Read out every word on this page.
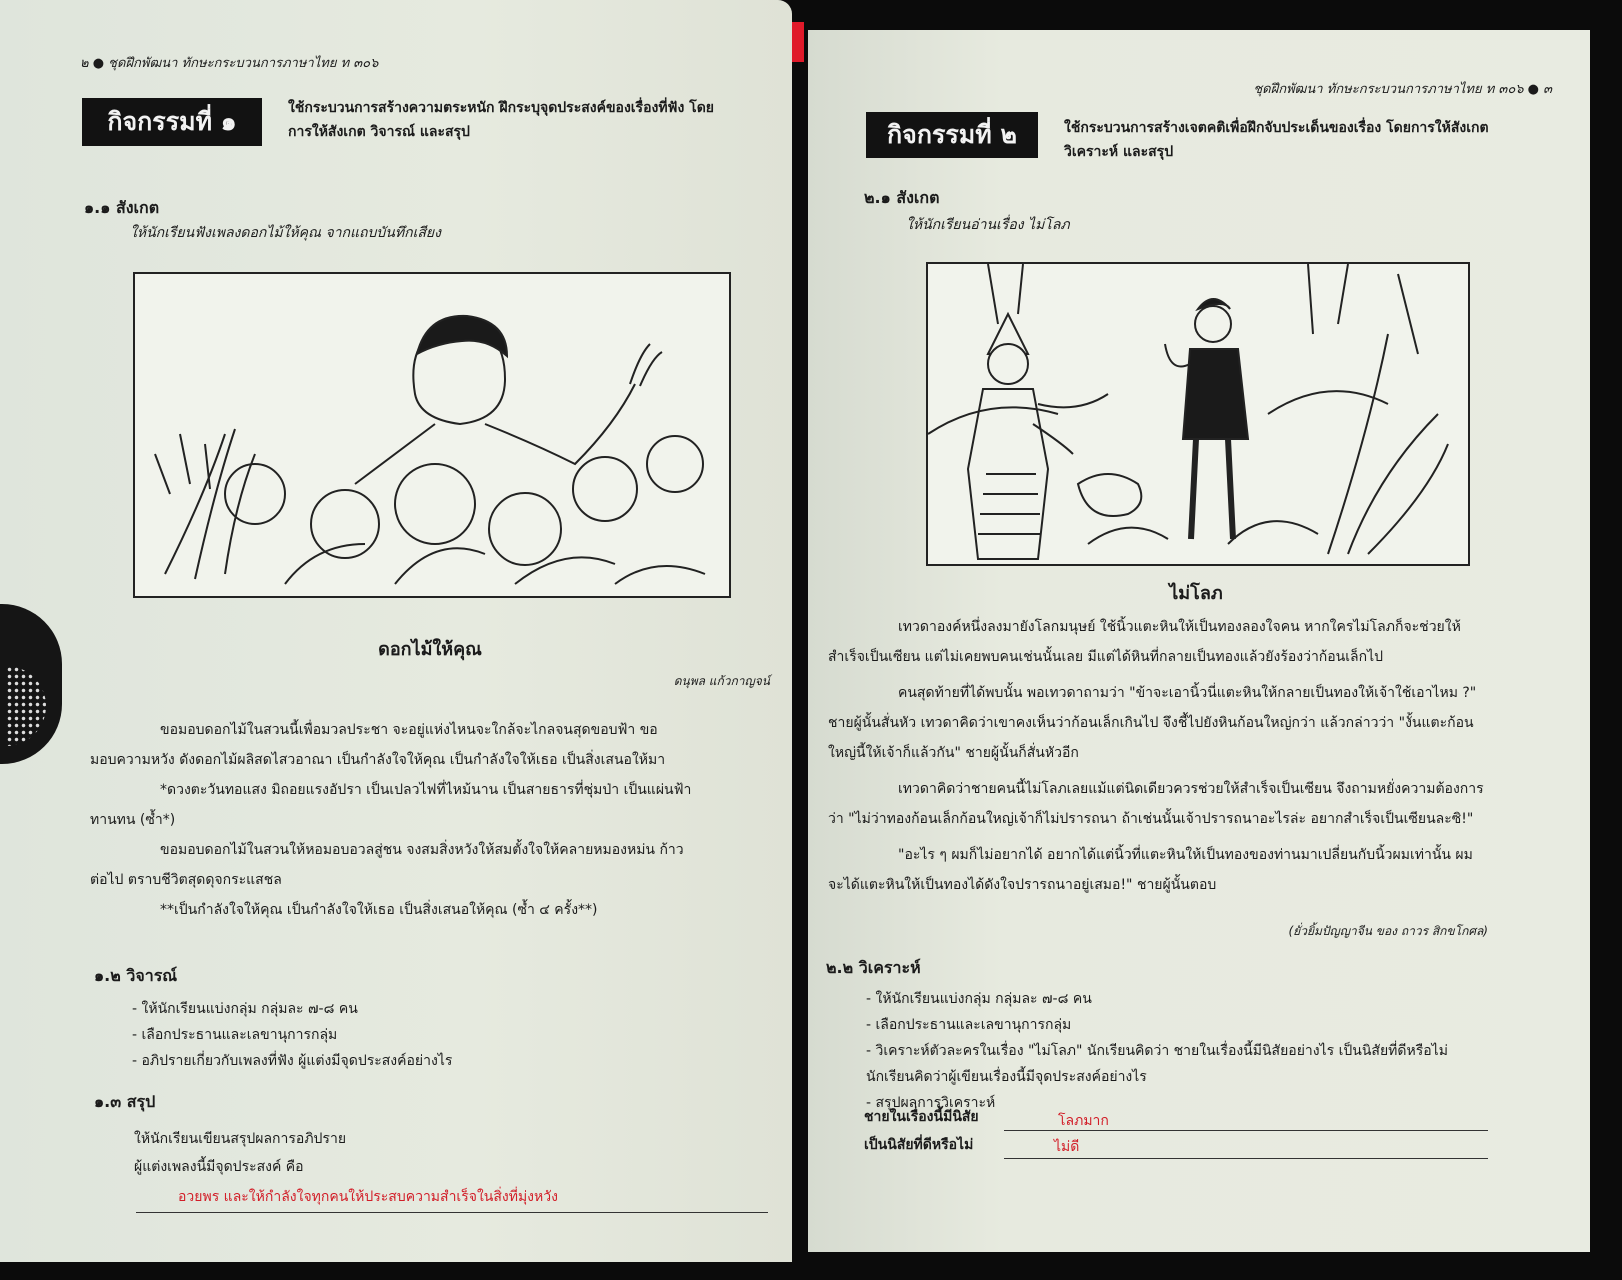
๒ ● ชุดฝึกพัฒนา ทักษะกระบวนการภาษาไทย ท ๓๐๖
กิจกรรมที่ ๑	ใช้กระบวนการสร้างความตระหนัก ฝึกระบุจุดประสงค์ของเรื่องที่ฟัง โดย
การให้สังเกต วิจารณ์ และสรุป
๑.๑ สังเกต
ให้นักเรียนฟังเพลงดอกไม้ให้คุณ จากแถบบันทึกเสียง
ดอกไม้ให้คุณ
ดนุพล แก้วกาญจน์

ขอมอบดอกไม้ในสวนนี้เพื่อมวลประชา จะอยู่แห่งไหนจะใกล้จะไกลจนสุดขอบฟ้า ขอ

มอบความหวัง ดังดอกไม้ผลิสดไสวอาณา เป็นกำลังใจให้คุณ เป็นกำลังใจให้เธอ เป็นสิ่งเสนอให้มา

*ดวงตะวันทอแสง มิถอยแรงอัปรา เป็นเปลวไฟที่ไหม้นาน เป็นสายธารที่ชุ่มป่า เป็นแผ่นฟ้า

ทานทน (ซ้ำ*)

ขอมอบดอกไม้ในสวนให้หอมอบอวลสู่ชน จงสมสิ่งหวังให้สมตั้งใจให้คลายหมองหม่น ก้าว

ต่อไป ตราบชีวิตสุดดุจกระแสชล

**เป็นกำลังใจให้คุณ เป็นกำลังใจให้เธอ เป็นสิ่งเสนอให้คุณ (ซ้ำ ๔ ครั้ง**)

๑.๒ วิจารณ์
- ให้นักเรียนแบ่งกลุ่ม กลุ่มละ ๗-๘ คน
- เลือกประธานและเลขานุการกลุ่ม
- อภิปรายเกี่ยวกับเพลงที่ฟัง ผู้แต่งมีจุดประสงค์อย่างไร
๑.๓ สรุป
ให้นักเรียนเขียนสรุปผลการอภิปราย
ผู้แต่งเพลงนี้มีจุดประสงค์ คือ
อวยพร และให้กำลังใจทุกคนให้ประสบความสำเร็จในสิ่งที่มุ่งหวัง
ชุดฝึกพัฒนา ทักษะกระบวนการภาษาไทย ท ๓๐๖ ● ๓
กิจกรรมที่ ๒	ใช้กระบวนการสร้างเจตคติเพื่อฝึกจับประเด็นของเรื่อง โดยการให้สังเกต
วิเคราะห์ และสรุป
๒.๑ สังเกต
ให้นักเรียนอ่านเรื่อง ไม่โลภ
ไม่โลภ

เทวดาองค์หนึ่งลงมายังโลกมนุษย์ ใช้นิ้วแตะหินให้เป็นทองลองใจคน หากใครไม่โลภก็จะช่วยให้สำเร็จเป็นเซียน แต่ไม่เคยพบคนเช่นนั้นเลย มีแต่ได้หินที่กลายเป็นทองแล้วยังร้องว่าก้อนเล็กไป

คนสุดท้ายที่ได้พบนั้น พอเทวดาถามว่า "ข้าจะเอานิ้วนี่แตะหินให้กลายเป็นทองให้เจ้าใช้เอาไหม ?" ชายผู้นั้นสั่นหัว เทวดาคิดว่าเขาคงเห็นว่าก้อนเล็กเกินไป จึงชี้ไปยังหินก้อนใหญ่กว่า แล้วกล่าวว่า "งั้นแตะก้อนใหญ่นี้ให้เจ้าก็แล้วกัน" ชายผู้นั้นก็สั่นหัวอีก

เทวดาคิดว่าชายคนนี้ไม่โลภเลยแม้แต่นิดเดียวควรช่วยให้สำเร็จเป็นเซียน จึงถามหยั่งความต้องการว่า "ไม่ว่าทองก้อนเล็กก้อนใหญ่เจ้าก็ไม่ปรารถนา ถ้าเช่นนั้นเจ้าปรารถนาอะไรล่ะ อยากสำเร็จเป็นเซียนละซิ!"

"อะไร ๆ ผมก็ไม่อยากได้ อยากได้แต่นิ้วที่แตะหินให้เป็นทองของท่านมาเปลี่ยนกับนิ้วผมเท่านั้น ผมจะได้แตะหินให้เป็นทองได้ดังใจปรารถนาอยู่เสมอ!" ชายผู้นั้นตอบ

(ยั่วยิ้มปัญญาจีน ของ ถาวร สิกขโกศล)
๒.๒ วิเคราะห์
- ให้นักเรียนแบ่งกลุ่ม กลุ่มละ ๗-๘ คน
- เลือกประธานและเลขานุการกลุ่ม
- วิเคราะห์ตัวละครในเรื่อง "ไม่โลภ" นักเรียนคิดว่า ชายในเรื่องนี้มีนิสัยอย่างไร เป็นนิสัยที่ดีหรือไม่ นักเรียนคิดว่าผู้เขียนเรื่องนี้มีจุดประสงค์อย่างไร
- สรุปผลการวิเคราะห์
ชายในเรื่องนี้มีนิสัย	โลภมาก
เป็นนิสัยที่ดีหรือไม่	ไม่ดี
